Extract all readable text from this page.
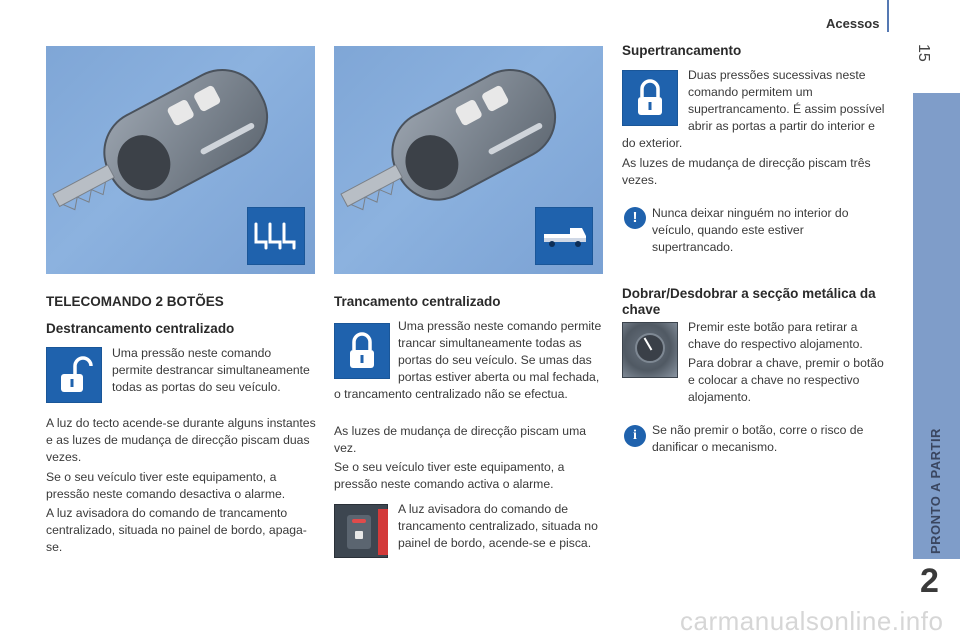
Acessos
15
PRONTO A PARTIR
2
TELECOMANDO 2 BOTÕES
Destrancamento centralizado
Uma pressão neste comando permite destrancar simultaneamente todas as portas do seu veículo.
A luz do tecto acende-se durante alguns instantes e as luzes de mudança de direcção piscam duas vezes.
Se o seu veículo tiver este equipamento, a pressão neste comando desactiva o alarme.
A luz avisadora do comando de trancamento centralizado, situada no painel de bordo, apaga-se.
Trancamento centralizado
Uma pressão neste comando permite trancar simultaneamente todas as portas do seu veículo. Se umas das portas estiver aberta ou mal fechada, o trancamento centralizado não se efectua.
As luzes de mudança de direcção piscam uma vez.
Se o seu veículo tiver este equipamento, a pressão neste comando activa o alarme.
A luz avisadora do comando de trancamento centralizado, situada no painel de bordo, acende-se e pisca.
Supertrancamento
Duas pressões sucessivas neste comando permitem um supertrancamento. É assim possível abrir as portas a partir do interior e do exterior.
As luzes de mudança de direcção piscam três vezes.
!	Nunca deixar ninguém no interior do veículo, quando este estiver supertrancado.
Dobrar/Desdobrar a secção metálica da chave
Premir este botão para retirar a chave do respectivo alojamento.
Para dobrar a chave, premir o botão e colocar a chave no respectivo alojamento.
i	Se não premir o botão, corre o risco de danificar o mecanismo.
carmanualsonline.info
